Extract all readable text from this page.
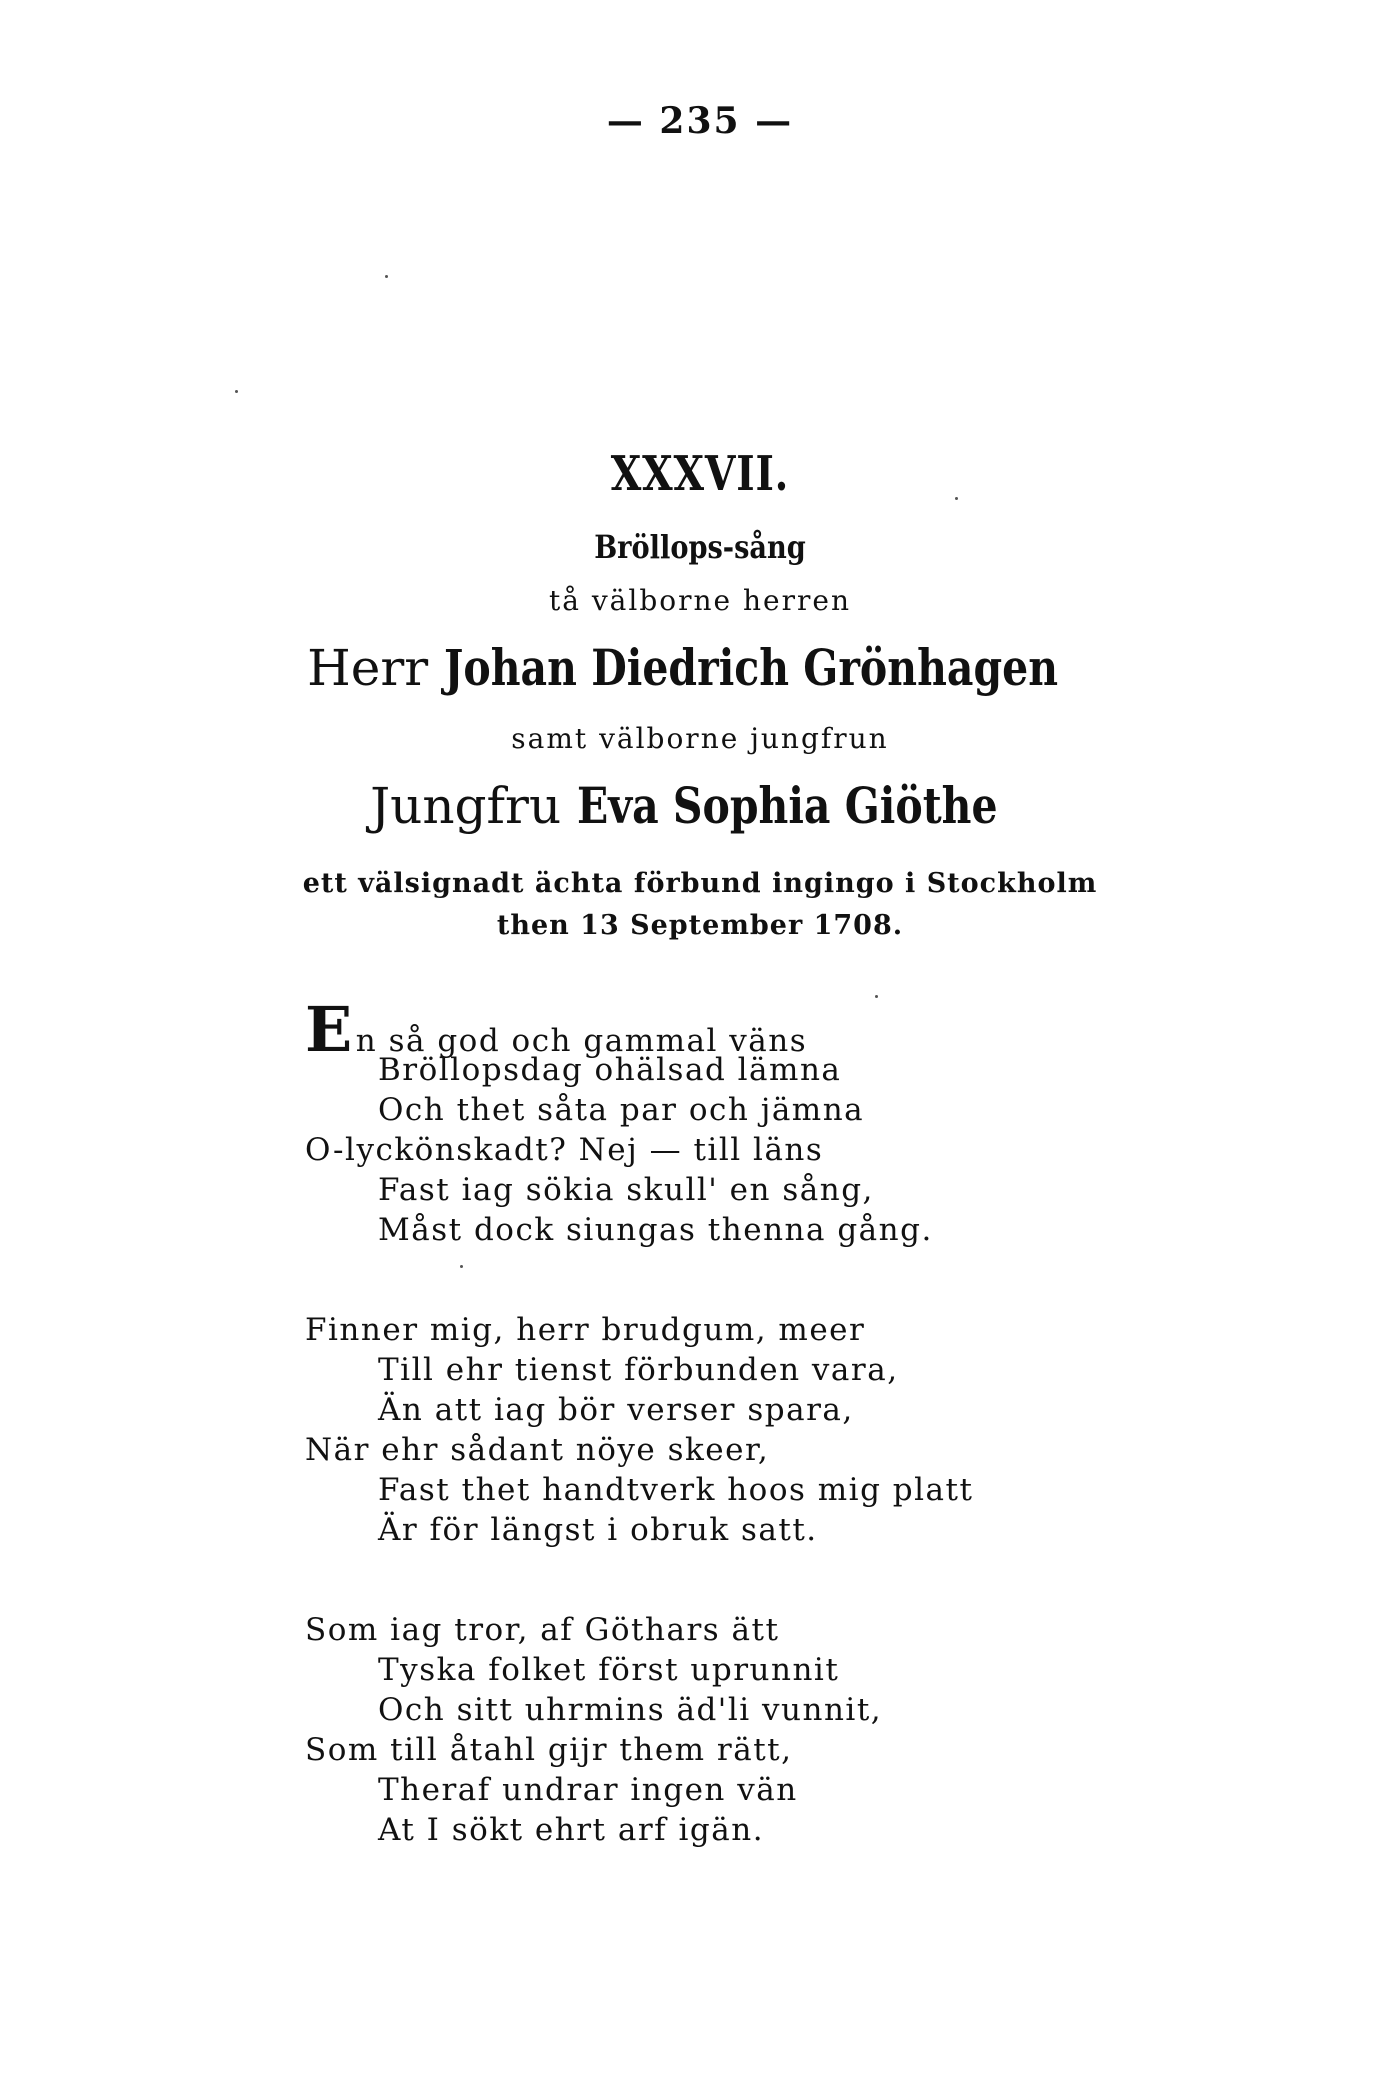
— 235 —
XXXVII.
Bröllops-sång
tå välborne herren
Herr Johan Diedrich Grönhagen
samt välborne jungfrun
Jungfru Eva Sophia Giöthe
ett välsignadt ächta förbund ingingo i Stockholm
then 13 September 1708.
En så god och gammal väns
Bröllopsdag ohälsad lämna
Och thet såta par och jämna
O-lyckönskadt? Nej — till läns
Fast iag sökia skull' en sång,
Måst dock siungas thenna gång.
Finner mig, herr brudgum, meer
Till ehr tienst förbunden vara,
Än att iag bör verser spara,
När ehr sådant nöye skeer,
Fast thet handtverk hoos mig platt
Är för längst i obruk satt.
Som iag tror, af Göthars ätt
Tyska folket först uprunnit
Och sitt uhrmins äd'li vunnit,
Som till åtahl gijr them rätt,
Theraf undrar ingen vän
At I sökt ehrt arf igän.
